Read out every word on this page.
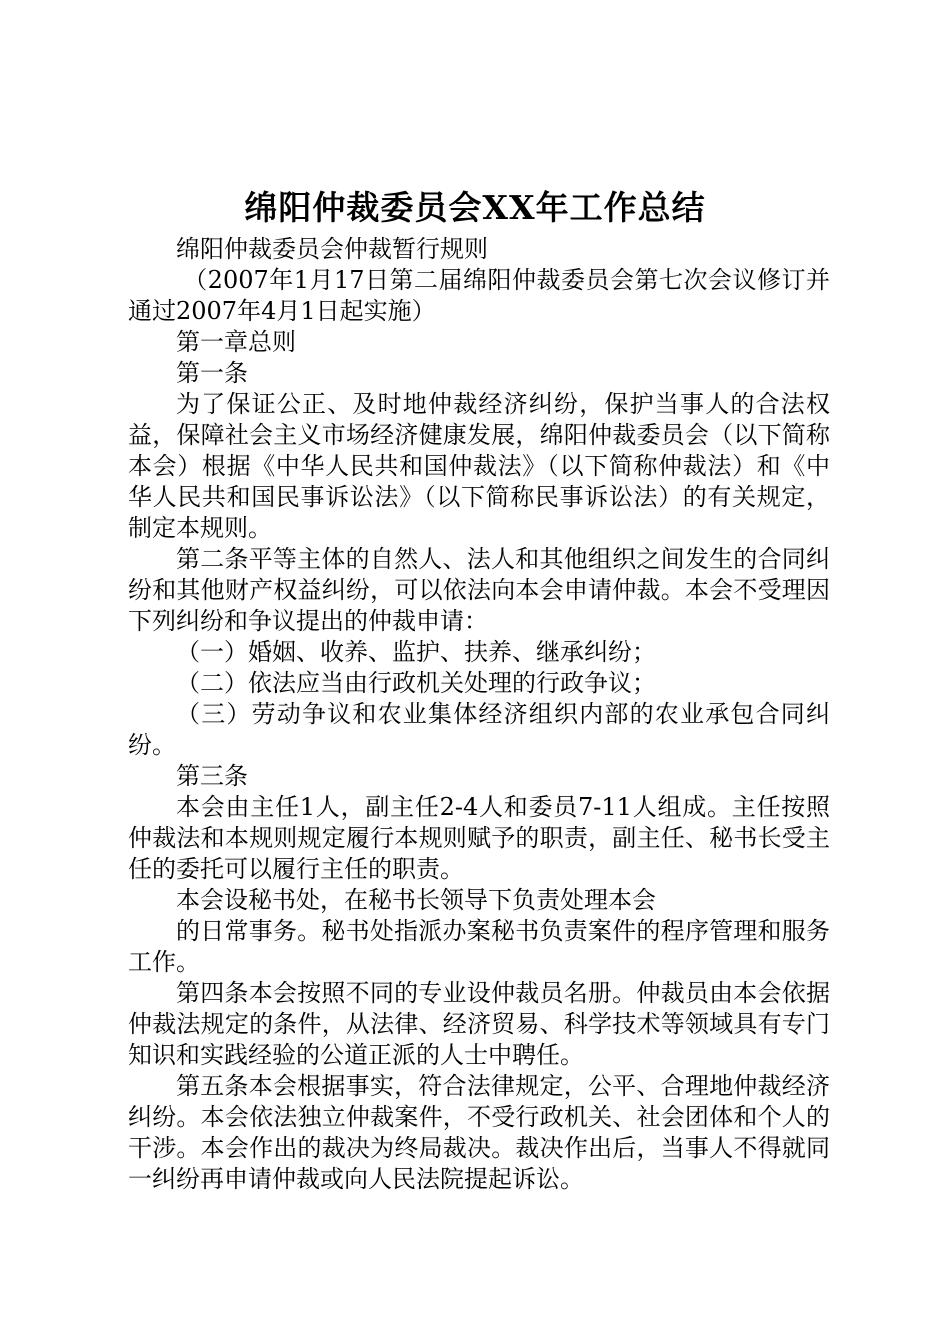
绵阳仲裁委员会XX年工作总结

绵阳仲裁委员会仲裁暂行规则

（2007年1月17日第二届绵阳仲裁委员会第七次会议修订并通过2007年4月1日起实施）

第一章总则

第一条

为了保证公正、及时地仲裁经济纠纷，保护当事人的合法权益，保障社会主义市场经济健康发展，绵阳仲裁委员会（以下简称本会）根据《中华人民共和国仲裁法》（以下简称仲裁法）和《中华人民共和国民事诉讼法》（以下简称民事诉讼法）的有关规定，制定本规则。

第二条平等主体的自然人、法人和其他组织之间发生的合同纠纷和其他财产权益纠纷，可以依法向本会申请仲裁。本会不受理因下列纠纷和争议提出的仲裁申请：

（一）婚姻、收养、监护、扶养、继承纠纷；

（二）依法应当由行政机关处理的行政争议；

（三）劳动争议和农业集体经济组织内部的农业承包合同纠纷。

第三条

本会由主任1人，副主任2-4人和委员7-11人组成。主任按照仲裁法和本规则规定履行本规则赋予的职责，副主任、秘书长受主任的委托可以履行主任的职责。

本会设秘书处，在秘书长领导下负责处理本会

的日常事务。秘书处指派办案秘书负责案件的程序管理和服务工作。

第四条本会按照不同的专业设仲裁员名册。仲裁员由本会依据仲裁法规定的条件，从法律、经济贸易、科学技术等领域具有专门知识和实践经验的公道正派的人士中聘任。

第五条本会根据事实，符合法律规定，公平、合理地仲裁经济纠纷。本会依法独立仲裁案件，不受行政机关、社会团体和个人的干涉。本会作出的裁决为终局裁决。裁决作出后，当事人不得就同一纠纷再申请仲裁或向人民法院提起诉讼。
